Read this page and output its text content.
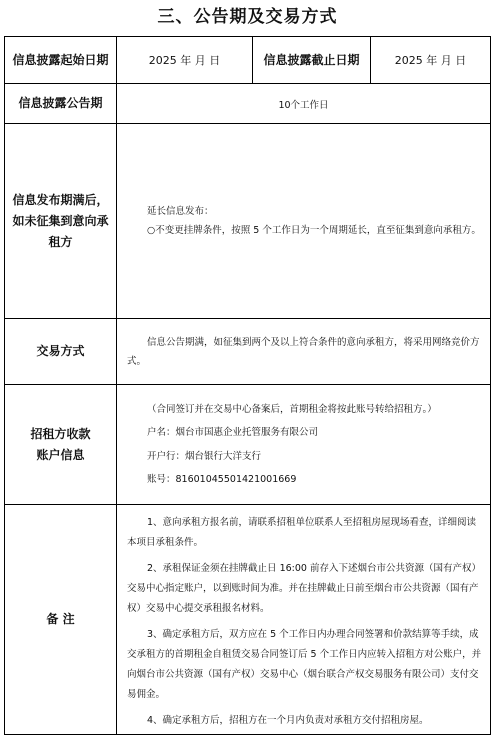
三、公告期及交易方式
信息披露起始日期	2025 年 月 日	信息披露截止日期	2025 年 月 日
信息披露公告期	10个工作日		
信息发布期满后，如未征集到意向承租方	延长信息发布：

○不变更挂牌条件，按照 5 个工作日为一个周期延长，直至征集到意向承租方。		

交易方式	信息公告期满，如征集到两个及以上符合条件的意向承租方，将采用网络竞价方式。		

招租方收款账户信息	（合同签订并在交易中心备案后，首期租金将按此账号转给招租方。）

户名：烟台市国惠企业托管服务有限公司

开户行：烟台银行大洋支行

账号：81601045501421001669		

备 注	1、意向承租方报名前，请联系招租单位联系人至招租房屋现场看查，详细阅读本项目承租条件。

2、承租保证金须在挂牌截止日 16:00 前存入下述烟台市公共资源（国有产权）交易中心指定账户，以到账时间为准。并在挂牌截止日前至烟台市公共资源（国有产权）交易中心提交承租报名材料。

3、确定承租方后，双方应在 5 个工作日内办理合同签署和价款结算等手续，成交承租方的首期租金自租赁交易合同签订后 5 个工作日内应转入招租方对公账户，并向烟台市公共资源（国有产权）交易中心（烟台联合产权交易服务有限公司）支付交易佣金。

4、确定承租方后，招租方在一个月内负责对承租方交付招租房屋。		
